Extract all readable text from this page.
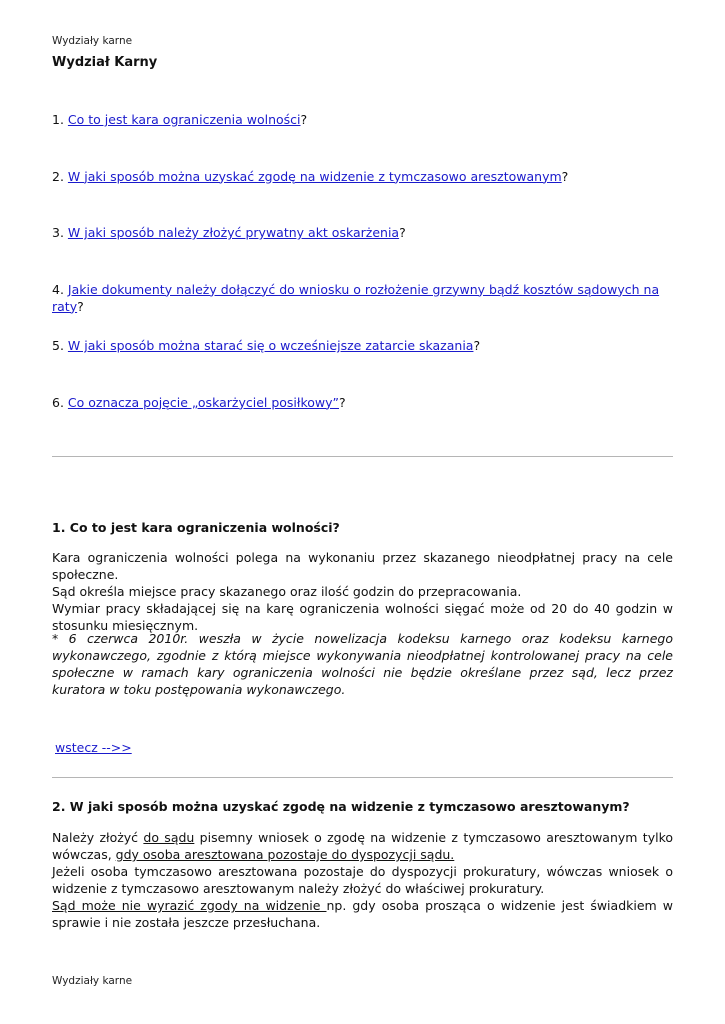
Wydziały karne
Wydział Karny

1. Co to jest kara ograniczenia wolności?

2. W jaki sposób można uzyskać zgodę na widzenie z tymczasowo aresztowanym?

3. W jaki sposób należy złożyć prywatny akt oskarżenia?

4. Jakie dokumenty należy dołączyć do wniosku o rozłożenie grzywny bądź kosztów sądowych na raty?

5. W jaki sposób można starać się o wcześniejsze zatarcie skazania?

6. Co oznacza pojęcie „oskarżyciel posiłkowy”?

1. Co to jest kara ograniczenia wolności?
Kara ograniczenia wolności polega na wykonaniu przez skazanego nieodpłatnej pracy na cele społeczne.
Sąd określa miejsce pracy skazanego oraz ilość godzin do przepracowania.
Wymiar pracy składającej się na karę ograniczenia wolności sięgać może od 20 do 40 godzin w stosunku miesięcznym.

* 6 czerwca 2010r. weszła w życie nowelizacja kodeksu karnego oraz kodeksu karnego wykonawczego, zgodnie z którą miejsce wykonywania nieodpłatnej kontrolowanej pracy na cele społeczne w ramach kary ograniczenia wolności nie będzie określane przez sąd, lecz przez kuratora w toku postępowania wykonawczego.

wstecz -->>
2. W jaki sposób można uzyskać zgodę na widzenie z tymczasowo aresztowanym?
Należy złożyć do sądu pisemny wniosek o zgodę na widzenie z tymczasowo aresztowanym tylko wówczas, gdy osoba aresztowana pozostaje do dyspozycji sądu.
Jeżeli osoba tymczasowo aresztowana pozostaje do dyspozycji prokuratury, wówczas wniosek o widzenie z tymczasowo aresztowanym należy złożyć do właściwej prokuratury.
Sąd może nie wyrazić zgody na widzenie np. gdy osoba prosząca o widzenie jest świadkiem w sprawie i nie została jeszcze przesłuchana.
Wydziały karne
